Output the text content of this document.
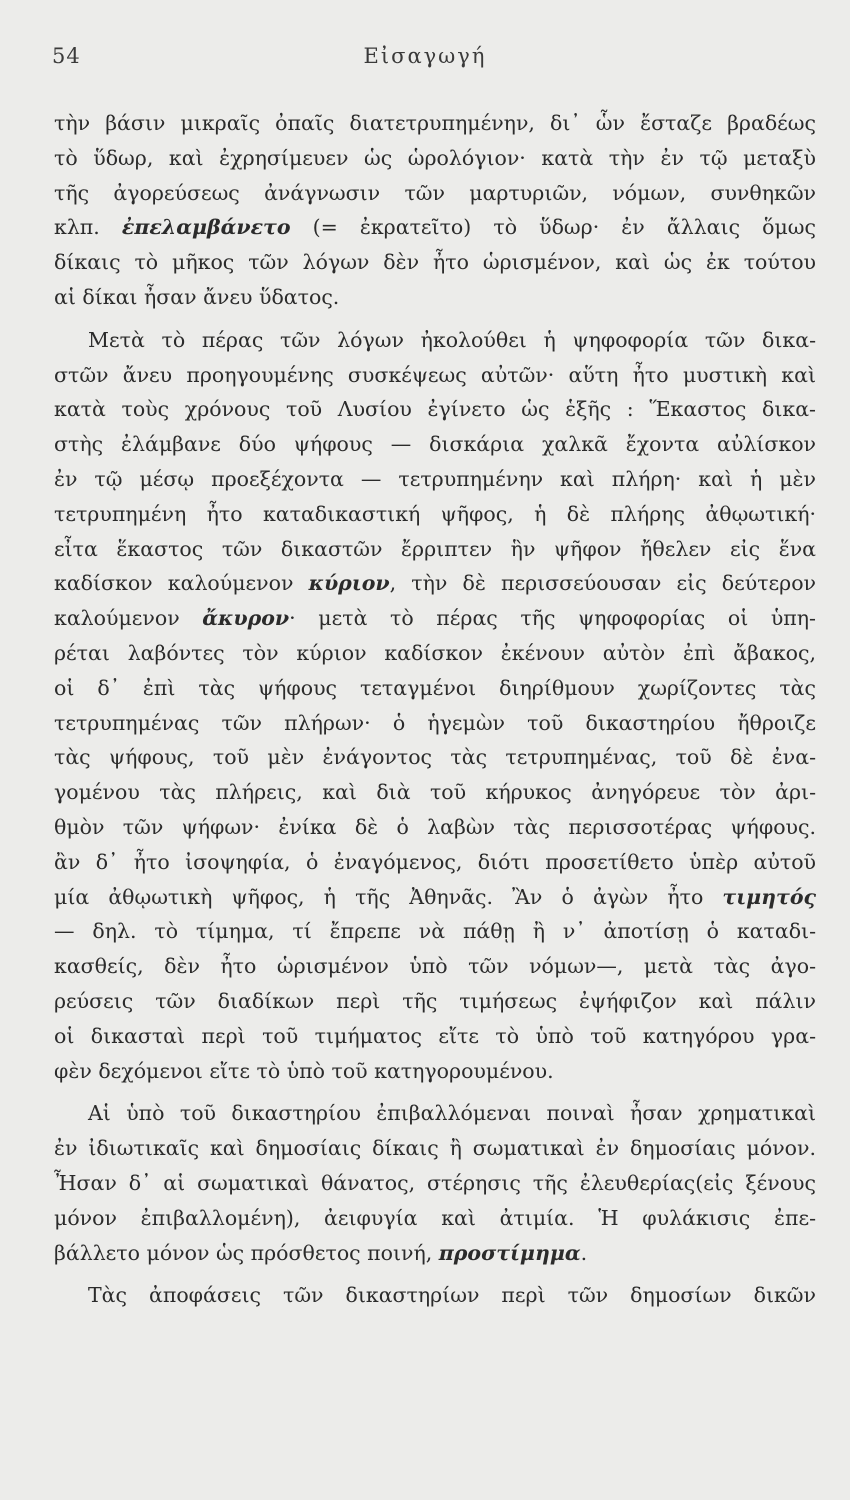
54	Εἰσαγωγή
τὴν βάσιν μικραῖς ὀπαῖς διατετρυπημένην, δι᾽ ὧν ἔσταζε βραδέως
τὸ ὕδωρ, καὶ ἐχρησίμευεν ὡς ὡρολόγιον· κατὰ τὴν ἐν τῷ μεταξὺ
τῆς ἀγορεύσεως ἀνάγνωσιν τῶν μαρτυριῶν, νόμων, συνθηκῶν
κλπ. ἐπελαμβάνετο (= ἐκρατεῖτο) τὸ ὕδωρ· ἐν ἄλλαις ὅμως
δίκαις τὸ μῆκος τῶν λόγων δὲν ἦτο ὡρισμένον, καὶ ὡς ἐκ τούτου
αἱ δίκαι ἦσαν ἄνευ ὕδατος.
Μετὰ τὸ πέρας τῶν λόγων ἠκολούθει ἡ ψηφοφορία τῶν δικα-
στῶν ἄνευ προηγουμένης συσκέψεως αὐτῶν· αὕτη ἦτο μυστικὴ καὶ
κατὰ τοὺς χρόνους τοῦ Λυσίου ἐγίνετο ὡς ἑξῆς : Ἕκαστος δικα-
στὴς ἐλάμβανε δύο ψήφους — δισκάρια χαλκᾶ ἔχοντα αὐλίσκον
ἐν τῷ μέσῳ προεξέχοντα — τετρυπημένην καὶ πλήρη· καὶ ἡ μὲν
τετρυπημένη ἦτο καταδικαστική ψῆφος, ἡ δὲ πλήρης ἀθῳωτική·
εἶτα ἕκαστος τῶν δικαστῶν ἔρριπτεν ἣν ψῆφον ἤθελεν εἰς ἕνα
καδίσκον καλούμενον κύριον, τὴν δὲ περισσεύουσαν εἰς δεύτερον
καλούμενον ἄκυρον· μετὰ τὸ πέρας τῆς ψηφοφορίας οἱ ὑπη-
ρέται λαβόντες τὸν κύριον καδίσκον ἐκένουν αὐτὸν ἐπὶ ἄβακος,
οἱ δ᾽ ἐπὶ τὰς ψήφους τεταγμένοι διηρίθμουν χωρίζοντες τὰς
τετρυπημένας τῶν πλήρων· ὁ ἡγεμὼν τοῦ δικαστηρίου ἤθροιζε
τὰς ψήφους, τοῦ μὲν ἐνάγοντος τὰς τετρυπημένας, τοῦ δὲ ἐνα-
γομένου τὰς πλήρεις, καὶ διὰ τοῦ κήρυκος ἀνηγόρευε τὸν ἀρι-
θμὸν τῶν ψήφων· ἐνίκα δὲ ὁ λαβὼν τὰς περισσοτέρας ψήφους.
ἂν δ᾽ ἦτο ἰσοψηφία, ὁ ἐναγόμενος, διότι προσετίθετο ὑπὲρ αὐτοῦ
μία ἀθῳωτικὴ ψῆφος, ἡ τῆς Ἀθηνᾶς. Ἂν ὁ ἀγὼν ἦτο τιμητός
— δηλ. τὸ τίμημα, τί ἔπρεπε νὰ πάθῃ ἢ ν᾽ ἀποτίσῃ ὁ καταδι-
κασθείς, δὲν ἦτο ὡρισμένον ὑπὸ τῶν νόμων—, μετὰ τὰς ἀγο-
ρεύσεις τῶν διαδίκων περὶ τῆς τιμήσεως ἐψήφιζον καὶ πάλιν
οἱ δικασταὶ περὶ τοῦ τιμήματος εἴτε τὸ ὑπὸ τοῦ κατηγόρου γρα-
φὲν δεχόμενοι εἴτε τὸ ὑπὸ τοῦ κατηγορουμένου.
Αἱ ὑπὸ τοῦ δικαστηρίου ἐπιβαλλόμεναι ποιναὶ ἦσαν χρηματικαὶ
ἐν ἰδιωτικαῖς καὶ δημοσίαις δίκαις ἢ σωματικαὶ ἐν δημοσίαις μόνον.
Ἦσαν δ᾽ αἱ σωματικαὶ θάνατος, στέρησις τῆς ἐλευθερίας(εἰς ξένους
μόνον ἐπιβαλλομένη), ἀειφυγία καὶ ἀτιμία. Ἡ φυλάκισις ἐπε-
βάλλετο μόνον ὡς πρόσθετος ποινή, προστίμημα.
Τὰς ἀποφάσεις τῶν δικαστηρίων περὶ τῶν δημοσίων δικῶν
